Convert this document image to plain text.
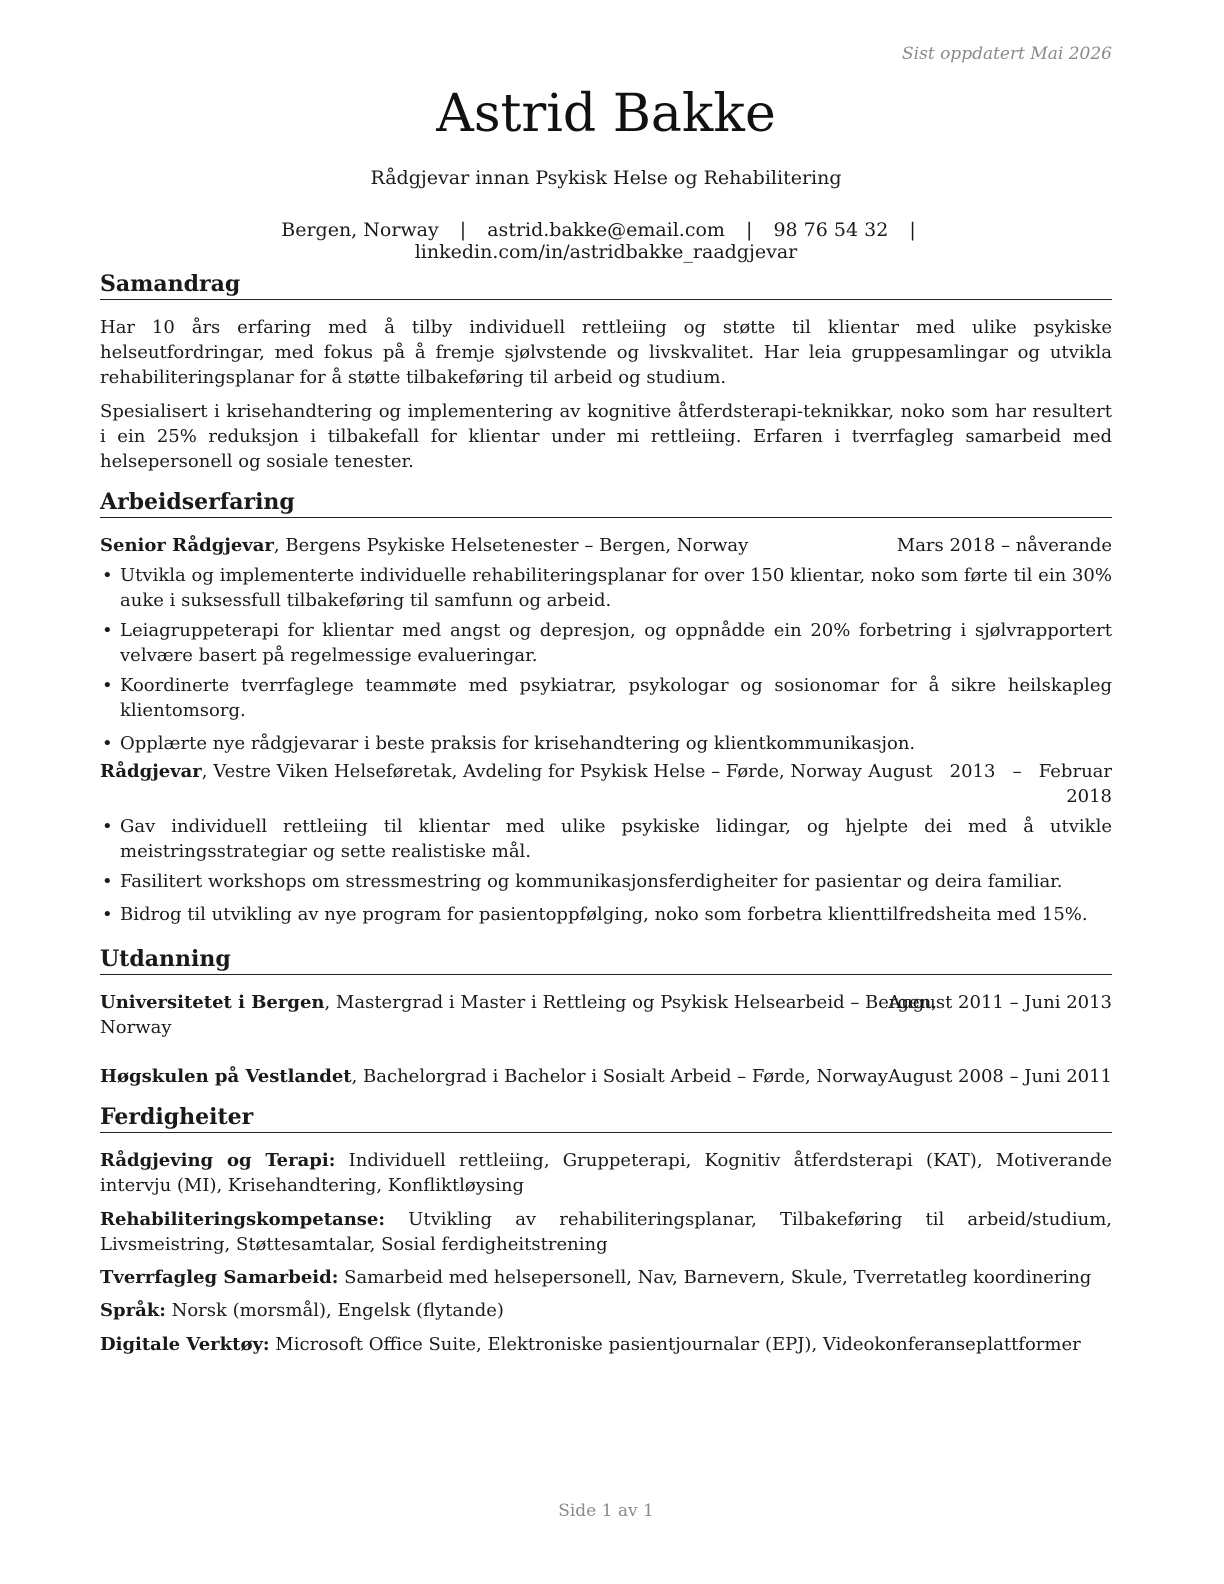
Sist oppdatert Mai 2026
Astrid Bakke
Rådgjevar innan Psykisk Helse og Rehabilitering
Bergen, Norway | astrid.bakke@email.com | 98 76 54 32 | linkedin.com/in/astridbakke_raadgjevar
Samandrag
Har 10 års erfaring med å tilby individuell rettleiing og støtte til klientar med ulike psykiske helseutfordringar, med fokus på å fremje sjølvstende og livskvalitet. Har leia gruppesamlingar og utvikla rehabiliteringsplanar for å støtte tilbakeføring til arbeid og studium.
Spesialisert i krisehandtering og implementering av kognitive åtferdsterapi-teknikkar, noko som har resultert i ein 25% reduksjon i tilbakefall for klientar under mi rettleiing. Erfaren i tverrfagleg samarbeid med helsepersonell og sosiale tenester.
Arbeidserfaring
Senior Rådgjevar, Bergens Psykiske Helsetenester – Bergen, Norway	Mars 2018 – nåverande
• Utvikla og implementerte individuelle rehabiliteringsplanar for over 150 klientar, noko som førte til ein 30% auke i suksessfull tilbakeføring til samfunn og arbeid.
• Leiagruppeterapi for klientar med angst og depresjon, og oppnådde ein 20% forbetring i sjølvrapportert velvære basert på regelmessige evalueringar.
• Koordinerte tverrfaglege teammøte med psykiatrar, psykologar og sosionomar for å sikre heilskapleg klientomsorg.
• Opplærte nye rådgjevarar i beste praksis for krisehandtering og klientkommunikasjon.
Rådgjevar, Vestre Viken Helseføretak, Avdeling for Psykisk Helse – Førde, Norway August   2013   –   Februar
2018
• Gav individuell rettleiing til klientar med ulike psykiske lidingar, og hjelpte dei med å utvikle meistringsstrategiar og sette realistiske mål.
• Fasilitert workshops om stressmestring og kommunikasjonsferdigheiter for pasientar og deira familiar.
• Bidrog til utvikling av nye program for pasientoppfølging, noko som forbetra klienttilfredsheita med 15%.
Utdanning
Universitetet i Bergen, Mastergrad i Master i Rettleing og Psykisk Helsearbeid – Bergen,
Norway
August 2011 – Juni 2013
Høgskulen på Vestlandet, Bachelorgrad i Bachelor i Sosialt Arbeid – Førde, Norway August 2008 – Juni 2011
Ferdigheiter
Rådgjeving og Terapi: Individuell rettleiing, Gruppeterapi, Kognitiv åtferdsterapi (KAT), Motiverande intervju (MI), Krisehandtering, Konfliktløysing
Rehabiliteringskompetanse: Utvikling av rehabiliteringsplanar, Tilbakeføring til arbeid/studium, Livsmeistring, Støttesamtalar, Sosial ferdigheitstrening
Tverrfagleg Samarbeid: Samarbeid med helsepersonell, Nav, Barnevern, Skule, Tverretatleg koordinering
Språk: Norsk (morsmål), Engelsk (flytande)
Digitale Verktøy: Microsoft Office Suite, Elektroniske pasientjournalar (EPJ), Videokonferanseplattformer
Side 1 av 1
